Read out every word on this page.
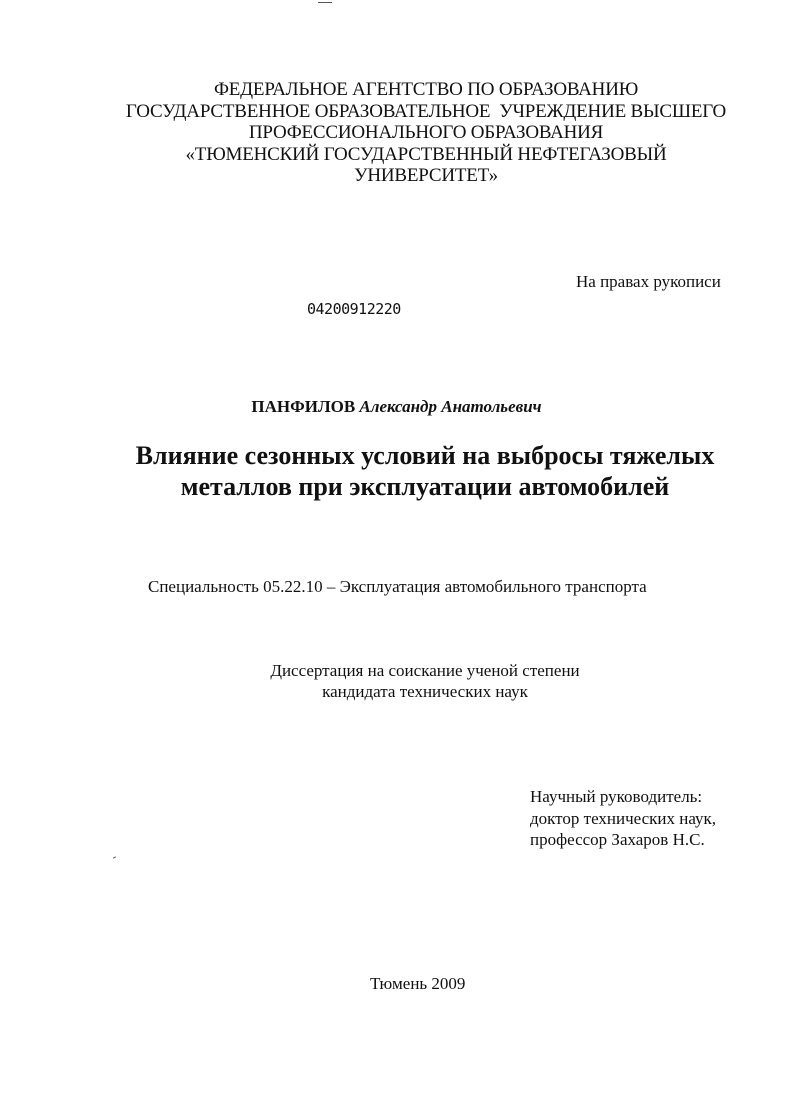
ФЕДЕРАЛЬНОЕ АГЕНТСТВО ПО ОБРАЗОВАНИЮ
ГОСУДАРСТВЕННОЕ ОБРАЗОВАТЕЛЬНОЕ  УЧРЕЖДЕНИЕ ВЫСШЕГО
ПРОФЕССИОНАЛЬНОГО ОБРАЗОВАНИЯ
«ТЮМЕНСКИЙ ГОСУДАРСТВЕННЫЙ НЕФТЕГАЗОВЫЙ
УНИВЕРСИТЕТ»
На правах рукописи
04200912220
ПАНФИЛОВ Александр Анатольевич
Влияние сезонных условий на выбросы тяжелых
металлов при эксплуатации автомобилей
Специальность 05.22.10 – Эксплуатация автомобильного транспорта
Диссертация на соискание ученой степени
кандидата технических наук
Научный руководитель:
доктор технических наук,
профессор Захаров Н.С.
Тюмень 2009
